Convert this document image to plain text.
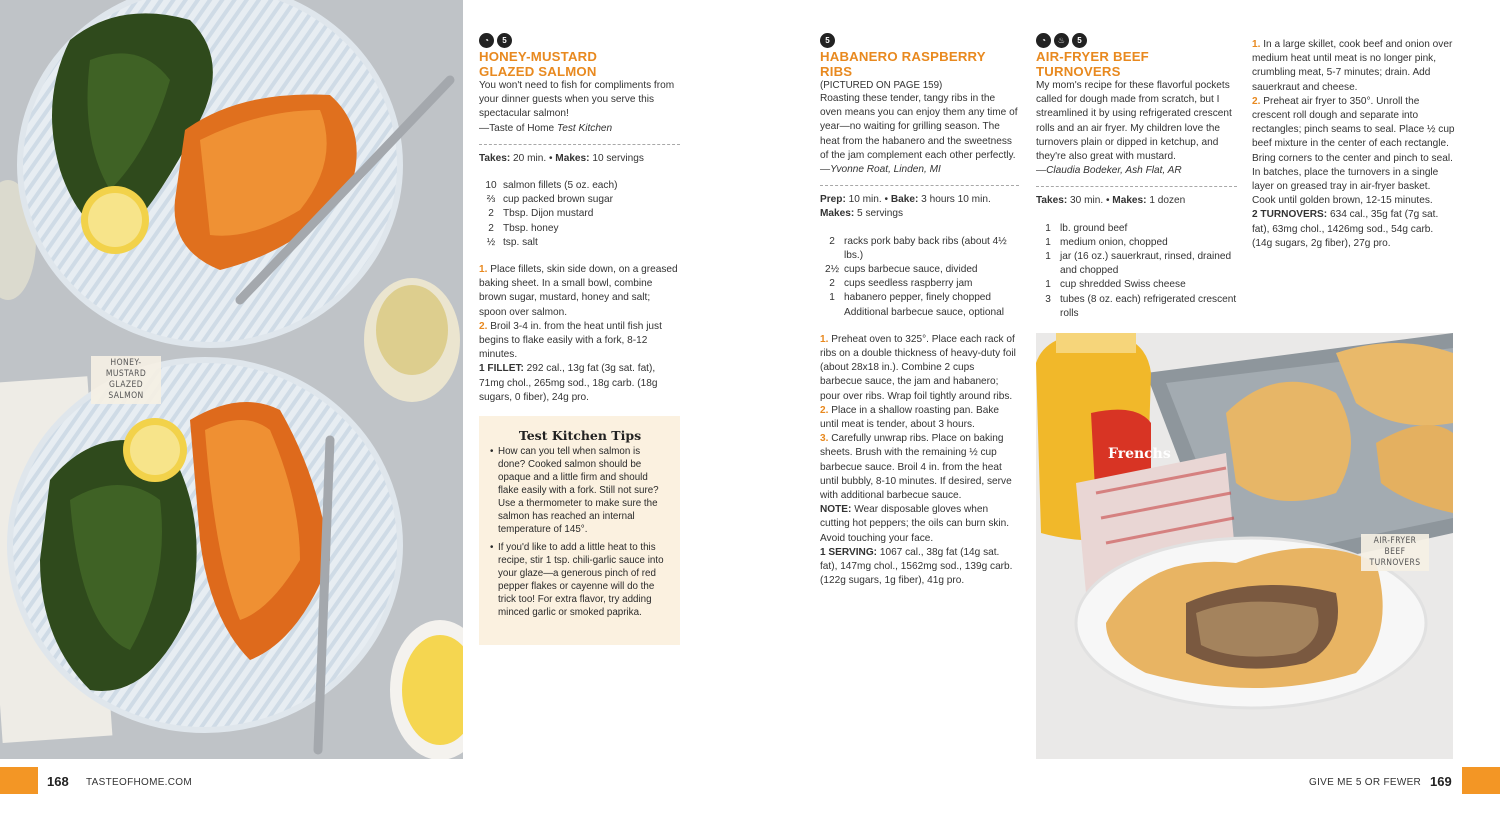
HONEY-MUSTARD GLAZED SALMON
◔	5
HONEY-MUSTARD
GLAZED SALMON

You won't need to fish for compliments from your dinner guests when you serve this spectacular salmon!

—Taste of Home Test Kitchen

Takes: 20 min. • Makes: 10 servings

10 salmon fillets (5 oz. each)
⅔ cup packed brown sugar
2 Tbsp. Dijon mustard
2 Tbsp. honey
½ tsp. salt

1. Place fillets, skin side down, on a greased baking sheet. In a small bowl, combine brown sugar, mustard, honey and salt; spoon over salmon.

2. Broil 3-4 in. from the heat until fish just begins to flake easily with a fork, 8-12 minutes.

1 FILLET: 292 cal., 13g fat (3g sat. fat), 71mg chol., 265mg sod., 18g carb. (18g sugars, 0 fiber), 24g pro.

Test Kitchen Tips
• How can you tell when salmon is done? Cooked salmon should be opaque and a little firm and should flake easily with a fork. Still not sure? Use a thermometer to make sure the salmon has reached an internal temperature of 145°.
• If you'd like to add a little heat to this recipe, stir 1 tsp. chili-garlic sauce into your glaze—a generous pinch of red pepper flakes or cayenne will do the trick too! For extra flavor, try adding minced garlic or smoked paprika.
5
HABANERO RASPBERRY RIBS
(PICTURED ON PAGE 159)

Roasting these tender, tangy ribs in the oven means you can enjoy them any time of year—no waiting for grilling season. The heat from the habanero and the sweetness of the jam complement each other perfectly.

—Yvonne Roat, Linden, MI

Prep: 10 min. • Bake: 3 hours 10 min. Makes: 5 servings

2 racks pork baby back ribs (about 4½ lbs.)
2½ cups barbecue sauce, divided
2 cups seedless raspberry jam
1 habanero pepper, finely chopped
Additional barbecue sauce, optional

1. Preheat oven to 325°. Place each rack of ribs on a double thickness of heavy-duty foil (about 28x18 in.). Combine 2 cups barbecue sauce, the jam and habanero; pour over ribs. Wrap foil tightly around ribs.

2. Place in a shallow roasting pan. Bake until meat is tender, about 3 hours.

3. Carefully unwrap ribs. Place on baking sheets. Brush with the remaining ½ cup barbecue sauce. Broil 4 in. from the heat until bubbly, 8-10 minutes. If desired, serve with additional barbecue sauce.

NOTE: Wear disposable gloves when cutting hot peppers; the oils can burn skin. Avoid touching your face.

1 SERVING: 1067 cal., 38g fat (14g sat. fat), 147mg chol., 1562mg sod., 139g carb. (122g sugars, 1g fiber), 41g pro.

◔	♨	5
AIR-FRYER BEEF TURNOVERS

My mom's recipe for these flavorful pockets called for dough made from scratch, but I streamlined it by using refrigerated crescent rolls and an air fryer. My children love the turnovers plain or dipped in ketchup, and they're also great with mustard.

—Claudia Bodeker, Ash Flat, AR

Takes: 30 min. • Makes: 1 dozen

1 lb. ground beef
1 medium onion, chopped
1 jar (16 oz.) sauerkraut, rinsed, drained and chopped
1 cup shredded Swiss cheese
3 tubes (8 oz. each) refrigerated crescent rolls

1. In a large skillet, cook beef and onion over medium heat until meat is no longer pink, crumbling meat, 5-7 minutes; drain. Add sauerkraut and cheese.

2. Preheat air fryer to 350°. Unroll the crescent roll dough and separate into rectangles; pinch seams to seal. Place ½ cup beef mixture in the center of each rectangle. Bring corners to the center and pinch to seal. In batches, place the turnovers in a single layer on greased tray in air-fryer basket. Cook until golden brown, 12-15 minutes.

2 TURNOVERS: 634 cal., 35g fat (7g sat. fat), 63mg chol., 1426mg sod., 54g carb. (14g sugars, 2g fiber), 27g pro.

Frenchs
AIR-FRYER BEEF TURNOVERS
168 TASTEOFHOME.COM	GIVE ME 5 OR FEWER 169
